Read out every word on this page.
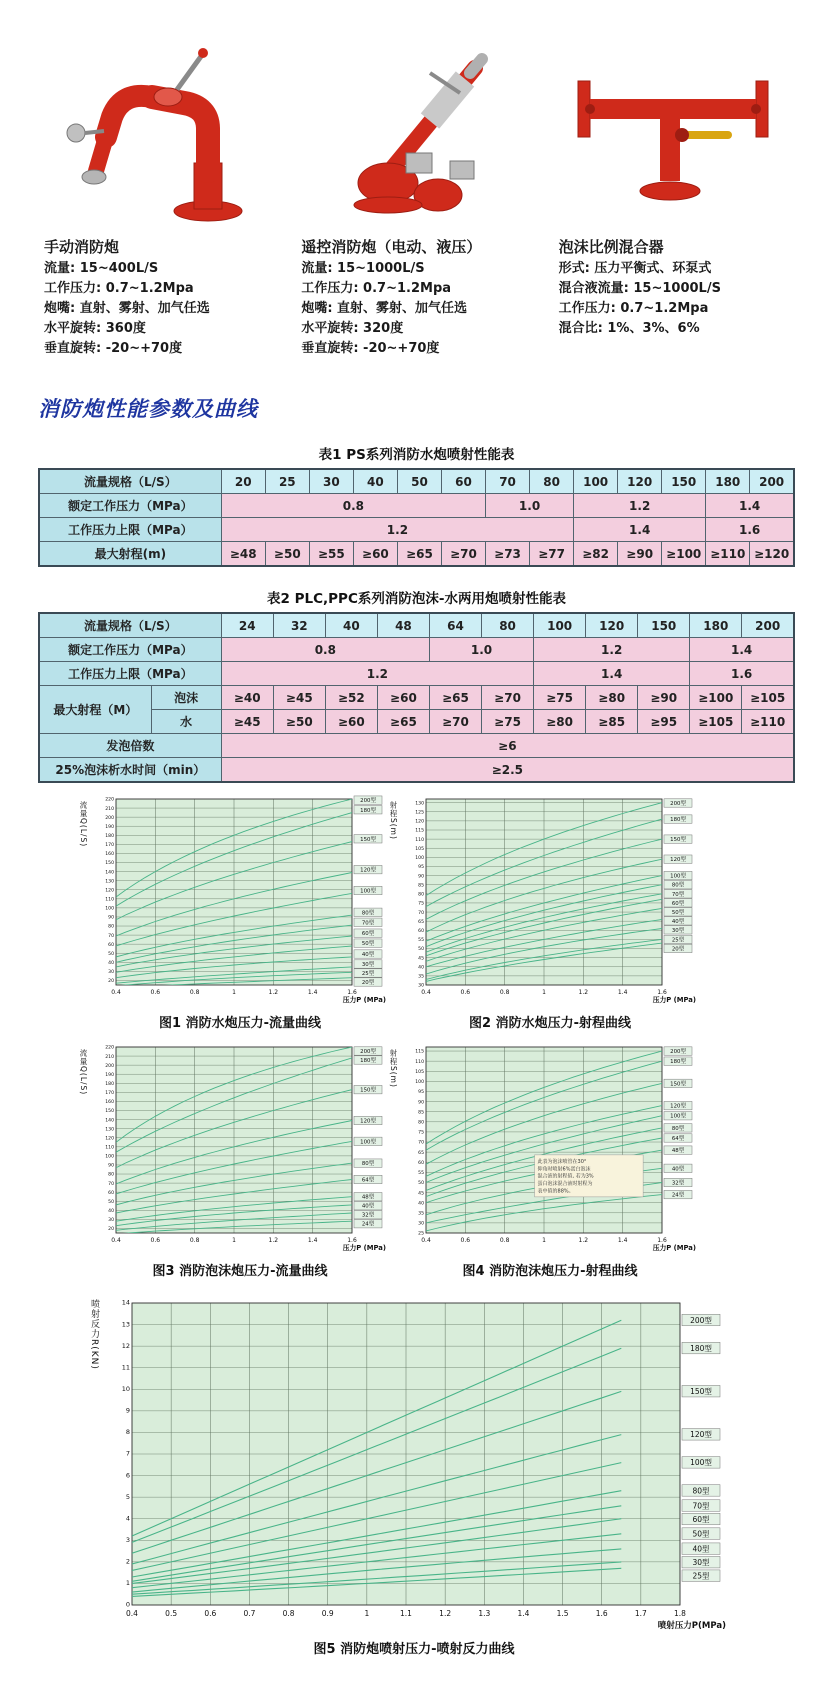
手动消防炮
流量: 15~400L/S
工作压力: 0.7~1.2Mpa
炮嘴: 直射、雾射、加气任选
水平旋转: 360度
垂直旋转: -20~+70度
遥控消防炮（电动、液压）
流量: 15~1000L/S
工作压力: 0.7~1.2Mpa
炮嘴: 直射、雾射、加气任选
水平旋转: 320度
垂直旋转: -20~+70度
泡沫比例混合器
形式: 压力平衡式、环泵式
混合液流量: 15~1000L/S
工作压力: 0.7~1.2Mpa
混合比: 1%、3%、6%
消防炮性能参数及曲线
表1 PS系列消防水炮喷射性能表
流量规格（L/S）	20	25	30	40	50	60	70	80	100	120	150	180	200
额定工作压力（MPa）	0.8						1.0		1.2			1.4	
工作压力上限（MPa）	1.2								1.4			1.6	
最大射程(m)	≥48	≥50	≥55	≥60	≥65	≥70	≥73	≥77	≥82	≥90	≥100	≥110	≥120
表2 PLC,PPC系列消防泡沫-水两用炮喷射性能表
流量规格（L/S）		24	32	40	48	64	80	100	120	150	180	200
额定工作压力（MPa）		0.8				1.0		1.2			1.4	
工作压力上限（MPa）		1.2						1.4			1.6	
最大射程（M）	泡沫	≥40	≥45	≥52	≥60	≥65	≥70	≥75	≥80	≥90	≥100	≥105
	水	≥45	≥50	≥60	≥65	≥70	≥75	≥80	≥85	≥95	≥105	≥110
发泡倍数		≥6										
25%泡沫析水时间（min）		≥2.5										
流量Q(L/S)
20
30
40
50
60
70
80
90
100
110
120
130
140
150
160
170
180
190
200
210
220
0.4	0.6	0.8	1	1.2	1.4	1.6
200型
180型
150型
120型
100型
80型
70型
60型
50型
40型
30型
25型
20型
压力P (MPa)
图1 消防水炮压力-流量曲线
射程S(m)
30
35
40
45
50
55
60
65
70
75
80
85
90
95
100
105
110
115
120
125
130
0.4	0.6	0.8	1	1.2	1.4	1.6
200型
180型
150型
120型
100型
80型
70型
60型
50型
40型
30型
25型
20型
压力P (MPa)
图2 消防水炮压力-射程曲线
流量Q(L/S)
20
30
40
50
60
70
80
90
100
110
120
130
140
150
160
170
180
190
200
210
220
0.4	0.6	0.8	1	1.2	1.4	1.6
200型
180型
150型
120型
100型
80型
64型
48型
40型
32型
24型
压力P (MPa)
图3 消防泡沫炮压力-流量曲线
射程S(m)
25
30
35
40
45
50
55
60
65
70
75
80
85
90
95
100
105
110
115
0.4	0.6	0.8	1	1.2	1.4	1.6
200型
180型
150型
120型
100型
80型
64型
48型
40型
32型
24型
压力P (MPa)
此表为泡沫喷管在30°
仰角时喷射6%蛋白泡沫
混合液的射程值, 若为3%
蛋白泡沫混合液时射程为
表中值的88%。
图4 消防泡沫炮压力-射程曲线
喷射反力R(KN)
0
1
2
3
4
5
6
7
8
9
10
11
12
13
14
0.4	0.5	0.6	0.7	0.8	0.9	1	1.1	1.2	1.3	1.4	1.5	1.6	1.7	1.8
200型
180型
150型
120型
100型
80型
70型
60型
50型
40型
30型
25型
喷射压力P(MPa)
图5 消防炮喷射压力-喷射反力曲线
